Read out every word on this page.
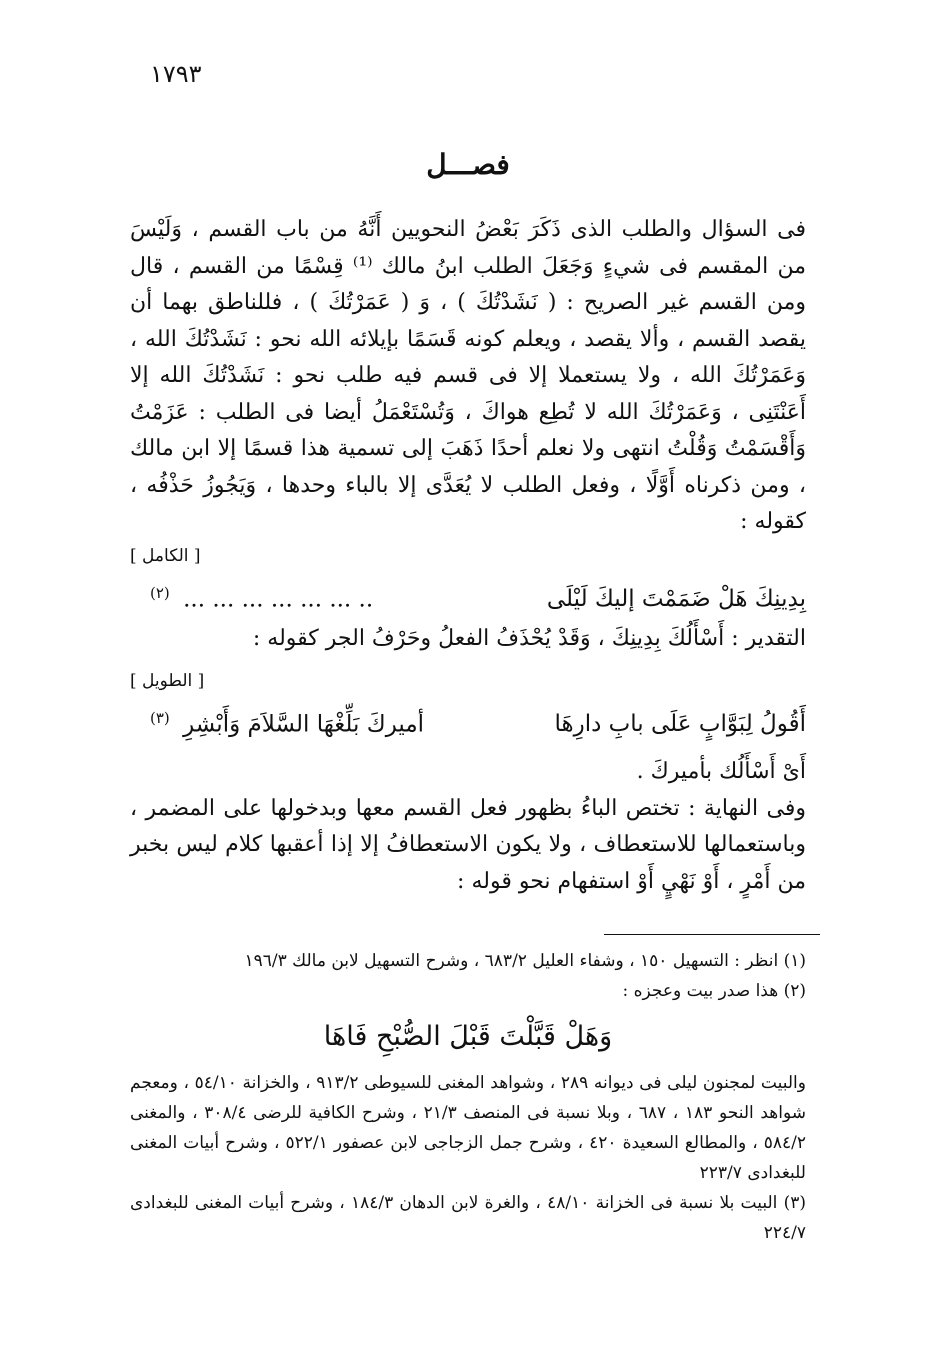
١٧٩٣
فصـــل

فى السؤال والطلب الذى ذَكَرَ بَعْضُ النحويين أَنَّهُ من باب القسم ، وَلَيْسَ من المقسم فى شيءٍ وَجَعَلَ الطلب ابنُ مالك ⁽¹⁾ قِسْمًا من القسم ، قال ومن القسم غير الصريح : ( نَشَدْتُكَ ) ، وَ ( عَمَرْتُكَ ) ، فللناطق بهما أن يقصد القسم ، وألا يقصد ، ويعلم كونه قَسَمًا بإيلائه الله نحو : نَشَدْتُكَ الله ، وَعَمَرْتُكَ الله ، ولا يستعملا إلا فى قسم فيه طلب نحو : نَشَدْتُكَ الله إلا أَعَنْتَنِى ، وَعَمَرْتُكَ الله لا تُطِع هواكَ ، وَتُسْتَعْمَلُ أيضا فى الطلب : عَزَمْتُ وَأَقْسَمْتُ وَقُلْتُ انتهى ولا نعلم أحدًا ذَهَبَ إلى تسمية هذا قسمًا إلا ابن مالك ، ومن ذكرناه أَوَّلًا ، وفعل الطلب لا يُعَدَّى إلا بالباء وحدها ، وَيَجُوزُ حَذْفُه ، كقوله :

[ الكامل ]

بِدِينِكَ هَلْ ضَمَمْتَ إليكَ لَيْلَى
.. ... ... ... ... ... ... $^{(٢)}$

التقدير : أَسْأَلُكَ بِدِينِكَ ، وَقَدْ يُحْذَفُ الفعلُ وحَرْفُ الجر كقوله :

[ الطويل ]

أَقُولُ لِبَوَّابٍ عَلَى بابِ دارِهَا
أميركَ بَلِّغْهَا السَّلاَمَ وَأَبْشِرِ $^{(٣)}$

أَىْ أَسْأَلُك بأميركَ .

وفى النهاية : تختص الباءُ بظهور فعل القسم معها وبدخولها على المضمر ، وباستعمالها للاستعطاف ، ولا يكون الاستعطافُ إلا إذا أعقبها كلام ليس بخبر من أَمْرٍ ، أَوْ نَهْيٍ أَوْ استفهام نحو قوله :

(١) انظر : التسهيل ١٥٠ ، وشفاء العليل ٦٨٣/٢ ، وشرح التسهيل لابن مالك ١٩٦/٣

(٢) هذا صدر بيت وعجزه :

وَهَلْ قَبَّلْتَ قَبْلَ الصُّبْحِ فَاهَا

والبيت لمجنون ليلى فى ديوانه ٢٨٩ ، وشواهد المغنى للسيوطى ٩١٣/٢ ، والخزانة ٥٤/١٠ ، ومعجم شواهد النحو ١٨٣ ، ٦٨٧ ، وبلا نسبة فى المنصف ٢١/٣ ، وشرح الكافية للرضى ٣٠٨/٤ ، والمغنى ٥٨٤/٢ ، والمطالع السعيدة ٤٢٠ ، وشرح جمل الزجاجى لابن عصفور ٥٢٢/١ ، وشرح أبيات المغنى للبغدادى ٢٢٣/٧

(٣) البيت بلا نسبة فى الخزانة ٤٨/١٠ ، والغرة لابن الدهان ١٨٤/٣ ، وشرح أبيات المغنى للبغدادى ٢٢٤/٧
